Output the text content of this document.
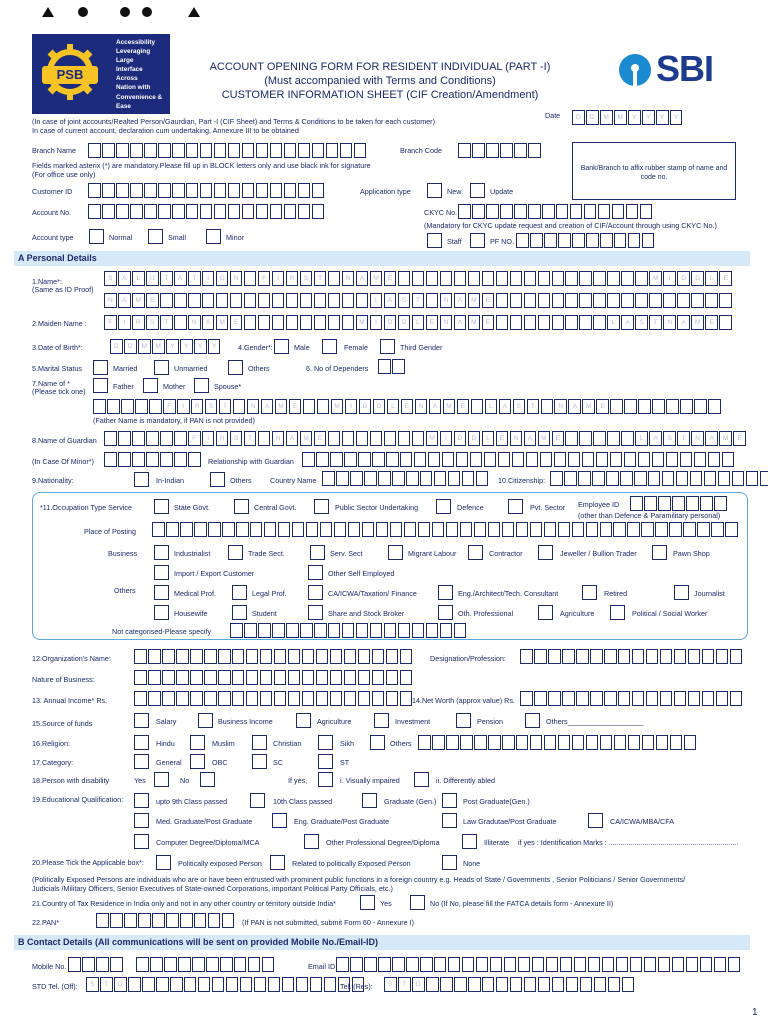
PSB
Accessibility
Leveraging
Large
Interface
Across
Nation with
Convenience &
Ease
ACCOUNT OPENING FORM FOR RESIDENT INDIVIDUAL (PART -I)
(Must accompanied with Terms and Conditions)
CUSTOMER INFORMATION SHEET (CIF Creation/Amendment)
SBI
(In case of joint accounts/Realted Person/Gaurdian, Part -I (CIF Sheet) and Terms & Conditions to be taken for each customer)
In case of current account, declaration cum undertaking, Annexure III to be obtained
Date	D	D	M	M	Y	Y	Y	Y
Branch Name	Branch Code
Bank/Branch to affix rubber stamp of name and code no.
Fields marked asterix (*) are mandatory.Please fill up in BLOCK letters only and use black ink for signature
(For office use only)
Customer ID	Application type	New	Update
Account No.	CKYC No.
(Mandatory for CKYC update request and creation of CIF/Account through using CKYC No.)
Account type	Normal	Small	Minor	Staff	PF NO.
A Personal Details
1.Name*:
(Same as ID Proof)
S	A	L	U	T	A	T	I	O	N	F	I	R	S	T	N	A	M	E	M	I	D	D	L	E
N	A	M	E	L	A	S	T	N	A	M	E
2.Maiden Name :	F	I	R	S	T	N	A	M	E	M	I	D	D	L	E	N	A	M	E	L	A	S	T	N	A	M	E
3.Date of Birth*:	D	D	M	M	Y	Y	Y	Y	4.Gender*:	Male	Female	Third Gender
5.Marital Status	Married	Unmarried	Others	6. No of Dependers
7.Name of *
(Please tick one)
Father	Mother	Spouse*
F	I	R	S	T	N	A	M	E	M	I	D	D	L	E	N	A	M	E	L	A	S	T	N	A	M	E
(Father Name is mandatory, if PAN is not provided)
8.Name of Guardian	F	I	R	S	T	N	A	M	E	M	I	D	D	L	E	N	A	M	E	L	A	S	T	N	A	M	E
(In Case Of Minor*)	Relationship with Guardian
9.Nationality:	In-Indian	Others	Country Name	10.Citizenship:
*11.Occupation Type Service	State Govt.	Central Govt.	Public Sector Undertaking	Defence	Pvt. Sector Employee ID
(other than Defence & Paramilitary personal)
Place of Posting
Business	Industrialist	Trade Sect.	Serv. Sect	Migrant Labour	Contractor	Jeweller / Bullion Trader	Pawn Shop
Import / Export Customer	Other Self Employed
Others	Medical Prof.	Legal Prof.	CA/ICWA/Taxation/ Finance	Eng./Architect/Tech. Consultant	Retired	Journalist
Housewife	Student	Share and Stock Broker	Oth. Professional	Agriculture	Political / Social Worker
Not categorised-Please specify
12.Organization's Name:	Designation/Profession:
Nature of Business:
13. Annual Income* Rs.	14.Net Worth (approx value) Rs.
15.Source of funds	Salary	Business Income	Agriculture	Investment	Pension	Others___________________
16.Religion:	Hindu	Muslim	Christian	Sikh	Others
17.Category:	General	OBC	SC	ST
18.Person with disability	Yes	No	If yes,	i. Visually impaired	ii. Differently abled
19.Educational Qualification:	upto 9th Class passed	10th Class passed	Graduate (Gen.)	Post Graduate(Gen.)
Med. Graduate/Post Graduate	Eng. Graduate/Post Graduate	Law Gradutae/Post Graduate	CA/ICWA/MBA/CFA
Computer Degree/Diploma/MCA	Other Professional Degree/Diploma	Illiterate if yes : Identification Marks : .................................................................
20.Please Tick the Applicable box*:	Politically exposed Person	Related to politically Exposed Person	None
(Politically Exposed Persons are individuals who are or have been entrusted with prominent public functions in a foreign country e.g. Heads of State / Governments , Senior Politicians / Senior Governments/
Judicials /Military Officers, Senior Executives of State-owned Corporations, important Political Party Officials, etc.)
21.Country of Tax Residence in India only and not in any other country or territory outside India*	Yes	No (If No, please fill the FATCA details form - Annexure II)
22.PAN*	(If PAN is not submitted, submit Form 60 - Annexure I)
B Contact Details (All communications will be sent on provided Mobile No./Email-ID)
Mobile No.	Email ID
STD Tel. (Off):	S	T	D	Tel. (Res):	S	T	D
1
